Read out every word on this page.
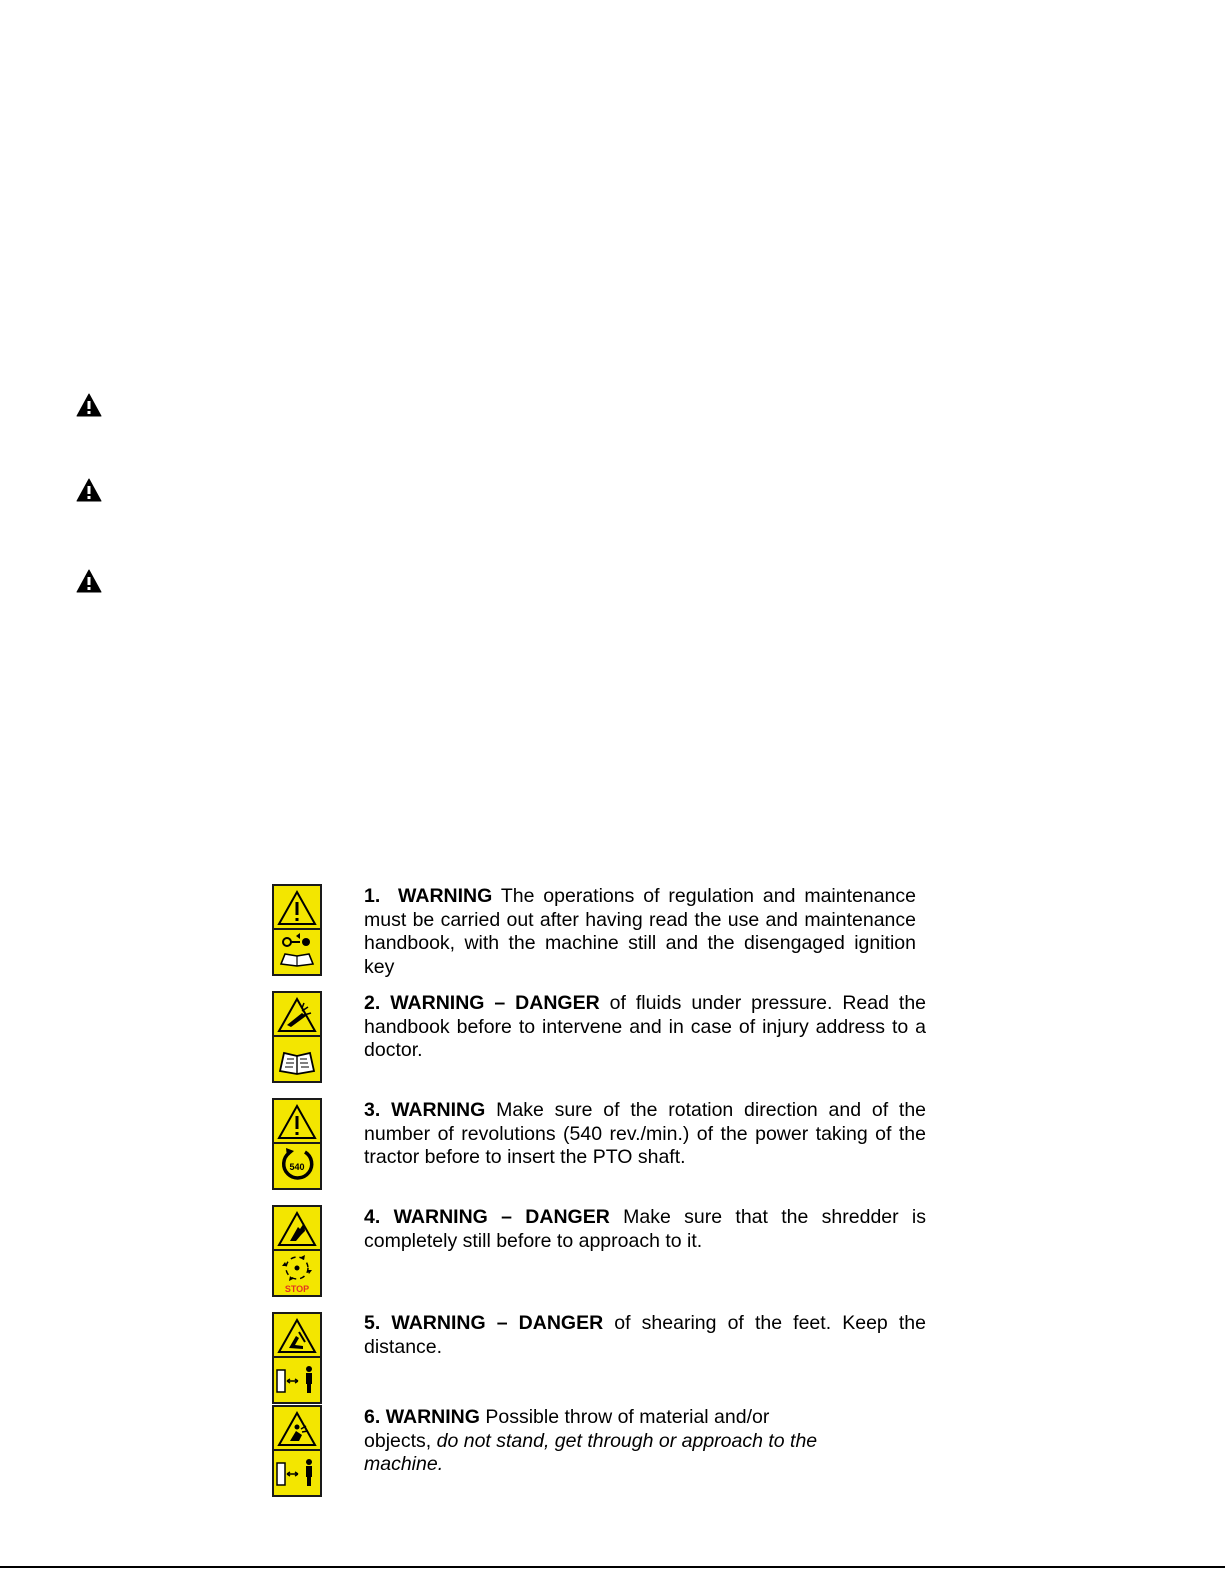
540
STOP

1. WARNING The operations of regulation and maintenance must be carried out after having read the use and maintenance handbook, with the machine still and the disengaged ignition key

2. WARNING – DANGER of fluids under pressure. Read the handbook before to intervene and in case of injury address to a doctor.

3. WARNING Make sure of the rotation direction and of the number of revolutions (540 rev./min.) of the power taking of the tractor before to insert the PTO shaft.

4. WARNING – DANGER Make sure that the shredder is completely still before to approach to it.

5. WARNING – DANGER of shearing of the feet. Keep the distance.

6. WARNING Possible throw of material and/or objects, do not stand, get through or approach to the machine.
